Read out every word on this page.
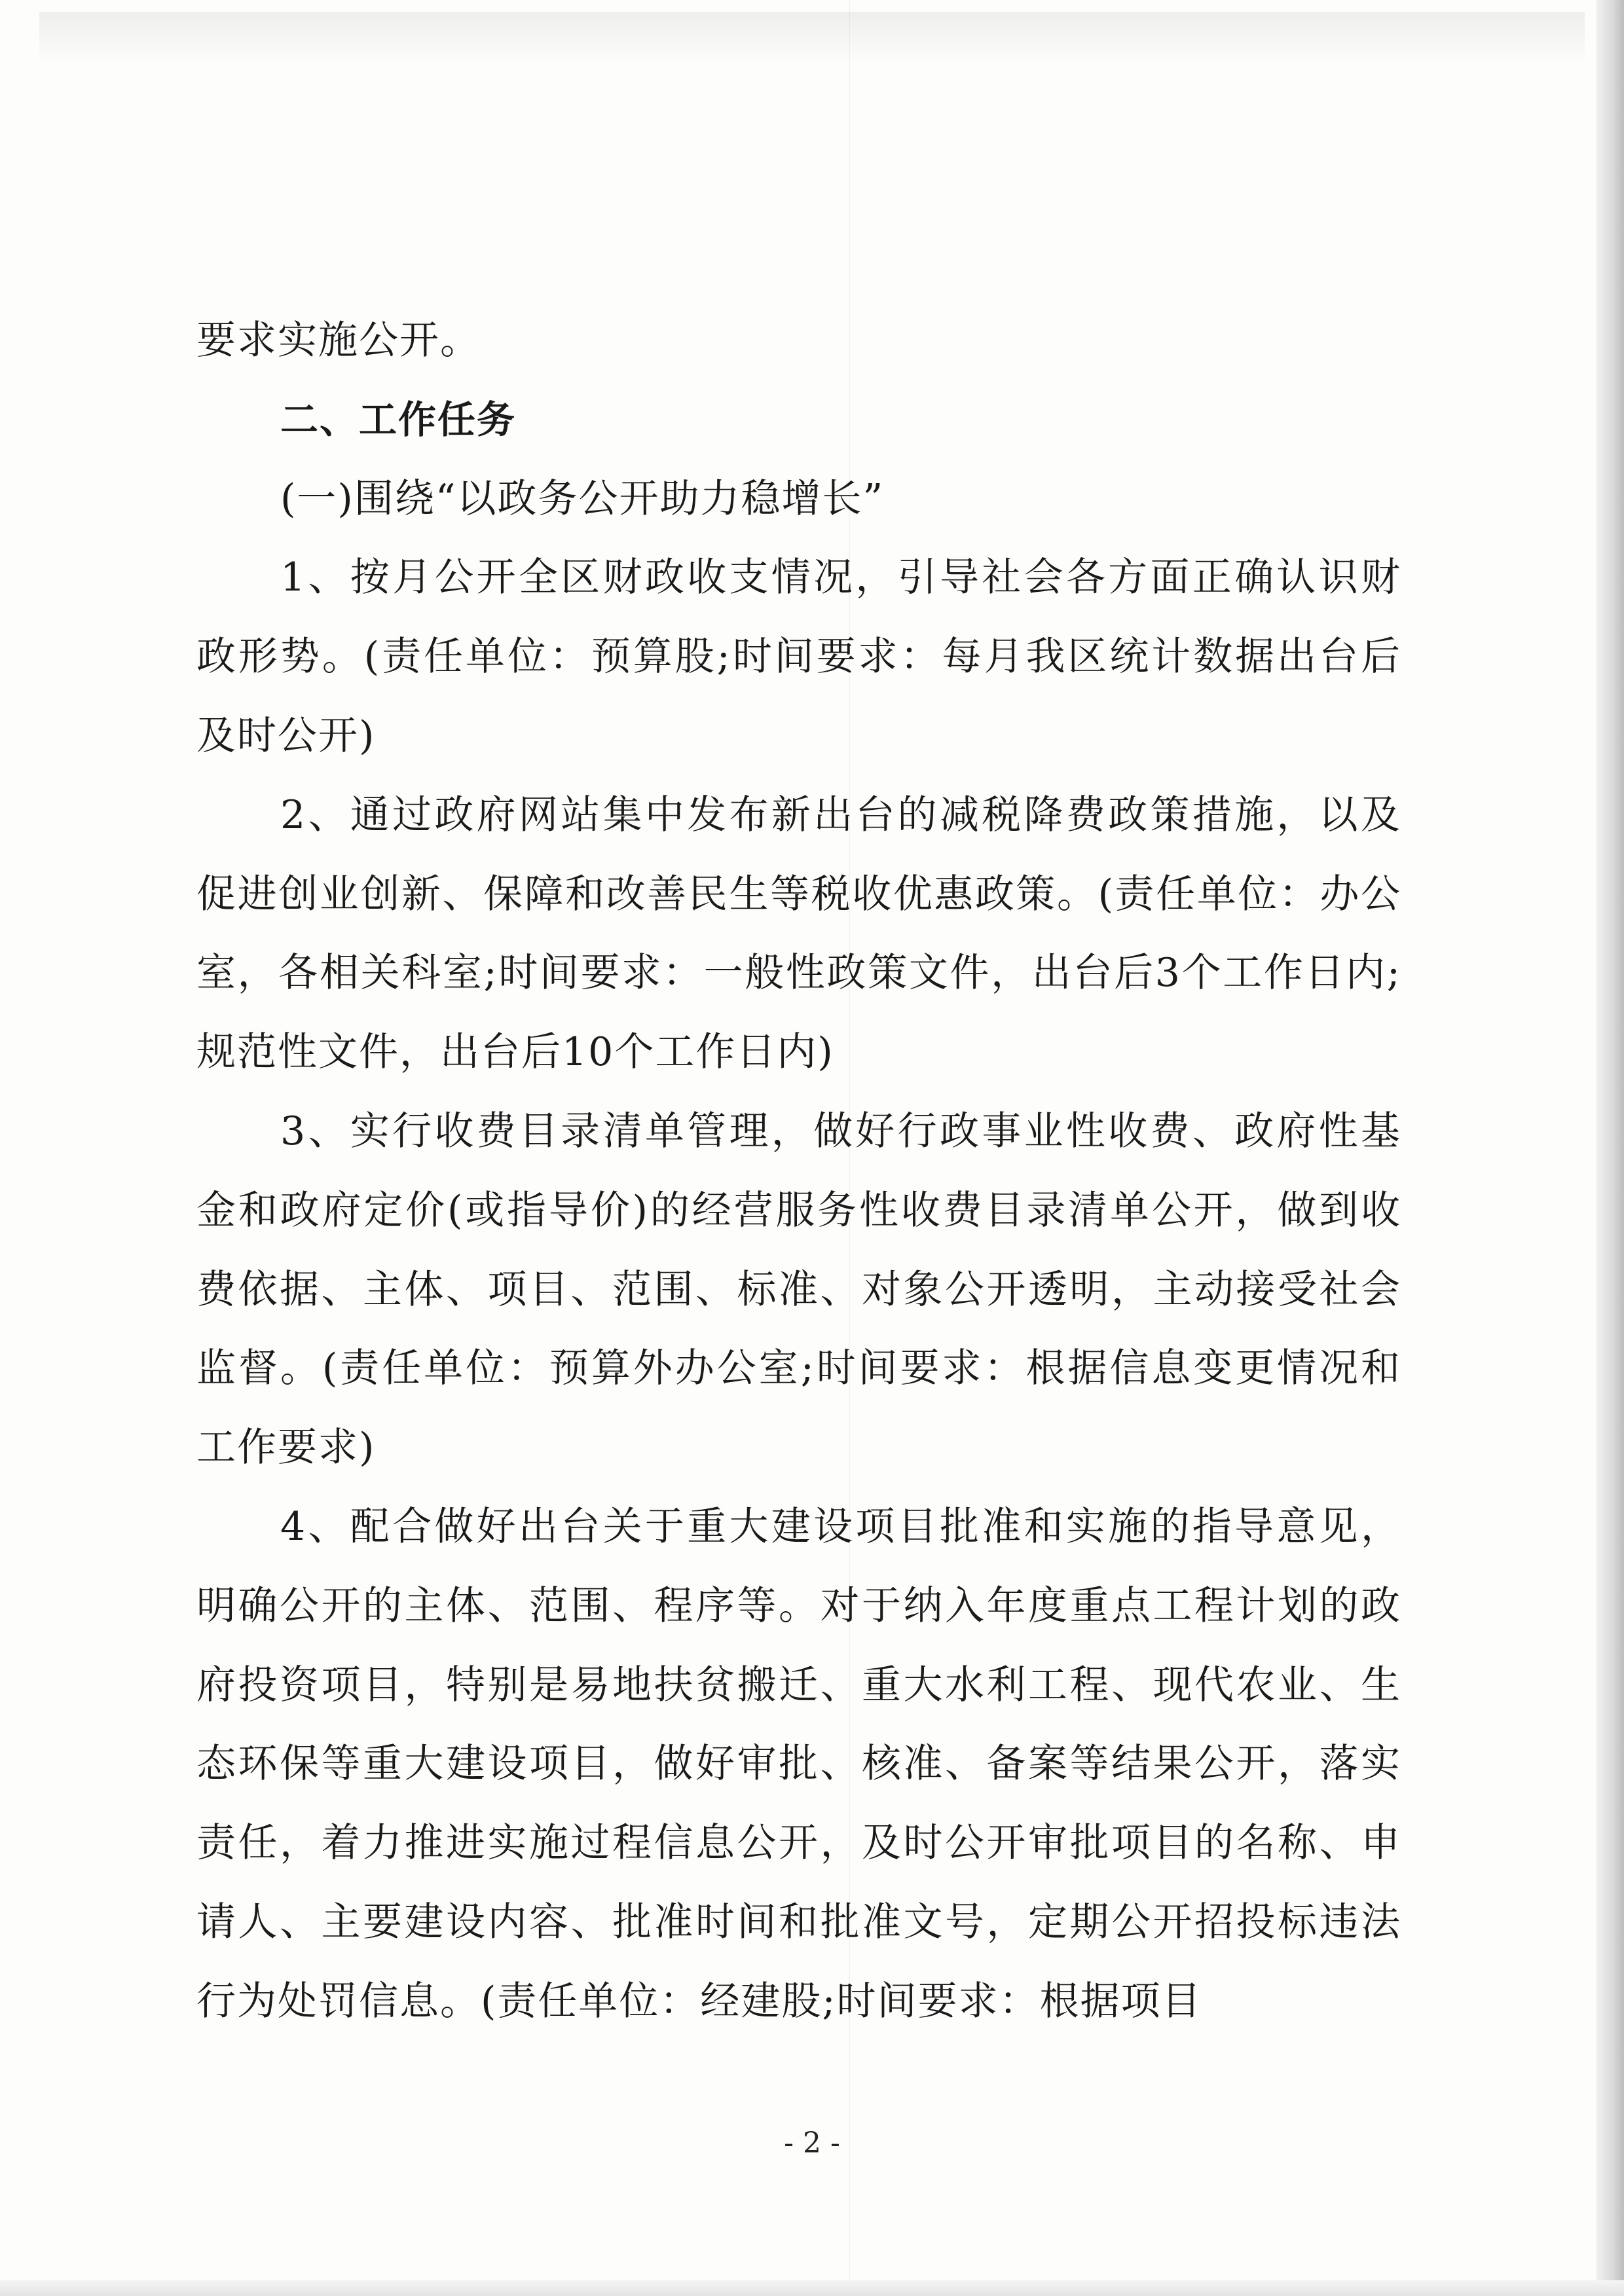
要求实施公开。

二、工作任务

(一)围绕“以政务公开助力稳增长”

1、按月公开全区财政收支情况，引导社会各方面正确认识财政形势。(责任单位：预算股;时间要求：每月我区统计数据出台后及时公开)

2、通过政府网站集中发布新出台的减税降费政策措施，以及促进创业创新、保障和改善民生等税收优惠政策。(责任单位：办公室，各相关科室;时间要求：一般性政策文件，出台后3个工作日内;规范性文件，出台后10个工作日内)

3、实行收费目录清单管理，做好行政事业性收费、政府性基金和政府定价(或指导价)的经营服务性收费目录清单公开，做到收费依据、主体、项目、范围、标准、对象公开透明，主动接受社会监督。(责任单位：预算外办公室;时间要求：根据信息变更情况和工作要求)

4、配合做好出台关于重大建设项目批准和实施的指导意见，明确公开的主体、范围、程序等。对于纳入年度重点工程计划的政府投资项目，特别是易地扶贫搬迁、重大水利工程、现代农业、生态环保等重大建设项目，做好审批、核准、备案等结果公开，落实责任，着力推进实施过程信息公开，及时公开审批项目的名称、申请人、主要建设内容、批准时间和批准文号，定期公开招投标违法行为处罚信息。(责任单位：经建股;时间要求：根据项目

- 2 -
